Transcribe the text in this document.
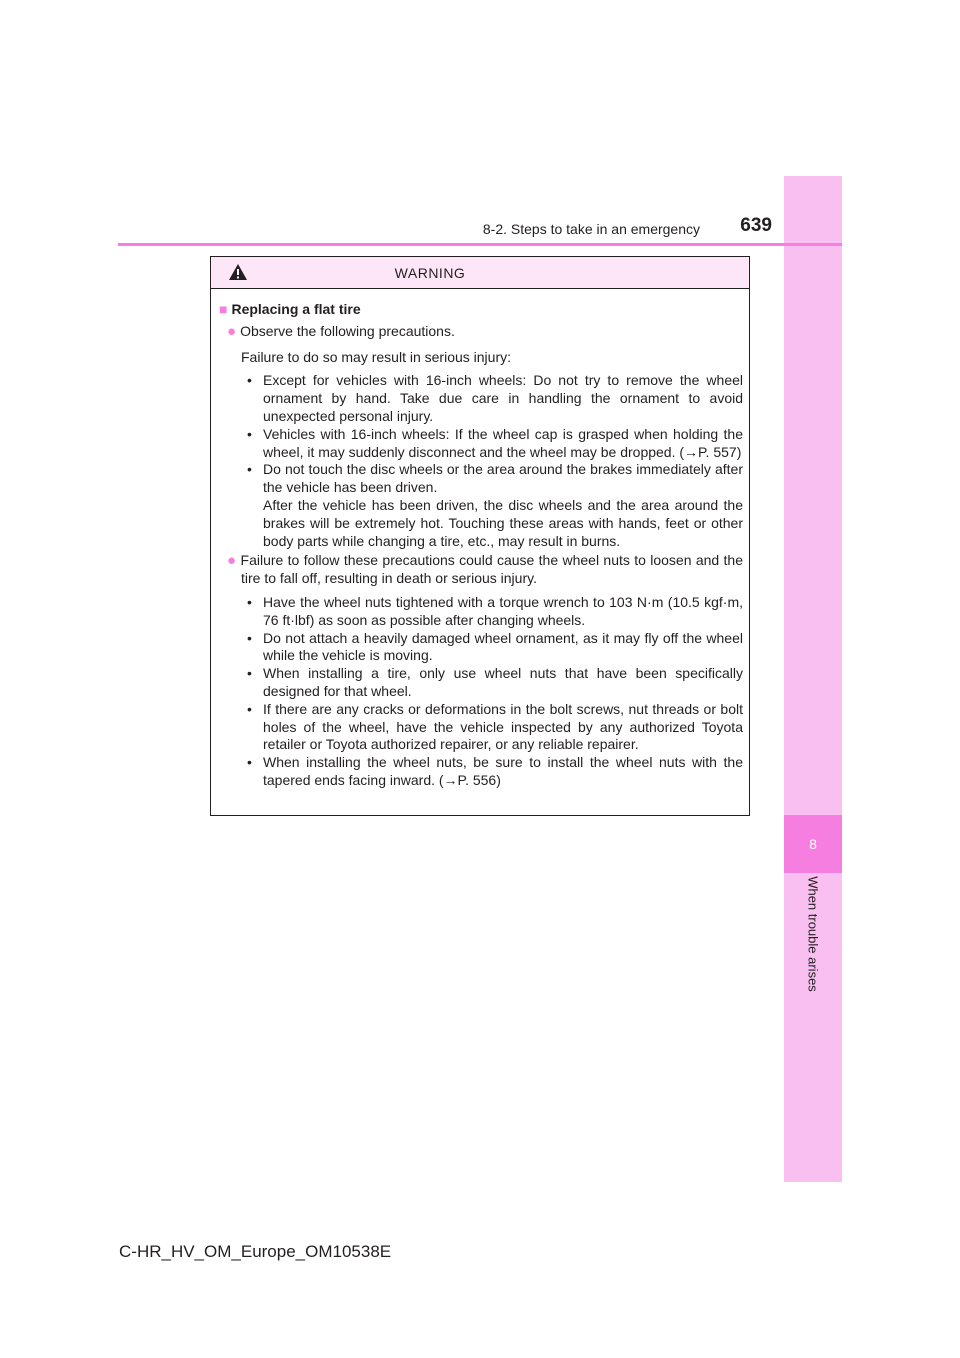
8
When trouble arises
8-2. Steps to take in an emergency	639
WARNING
■ Replacing a flat tire
● Observe the following precautions.
Failure to do so may result in serious injury:
• Except for vehicles with 16-inch wheels: Do not try to remove the wheel ornament by hand. Take due care in handling the ornament to avoid unexpected personal injury.
• Vehicles with 16-inch wheels: If the wheel cap is grasped when holding the wheel, it may suddenly disconnect and the wheel may be dropped. (→P. 557)
• Do not touch the disc wheels or the area around the brakes immediately after the vehicle has been driven.
After the vehicle has been driven, the disc wheels and the area around the brakes will be extremely hot. Touching these areas with hands, feet or other body parts while changing a tire, etc., may result in burns.
● Failure to follow these precautions could cause the wheel nuts to loosen and the tire to fall off, resulting in death or serious injury.
• Have the wheel nuts tightened with a torque wrench to 103 N·m (10.5 kgf·m, 76 ft·lbf) as soon as possible after changing wheels.
• Do not attach a heavily damaged wheel ornament, as it may fly off the wheel while the vehicle is moving.
• When installing a tire, only use wheel nuts that have been specifically designed for that wheel.
• If there are any cracks or deformations in the bolt screws, nut threads or bolt holes of the wheel, have the vehicle inspected by any authorized Toyota retailer or Toyota authorized repairer, or any reliable repairer.
• When installing the wheel nuts, be sure to install the wheel nuts with the tapered ends facing inward. (→P. 556)
C-HR_HV_OM_Europe_OM10538E
